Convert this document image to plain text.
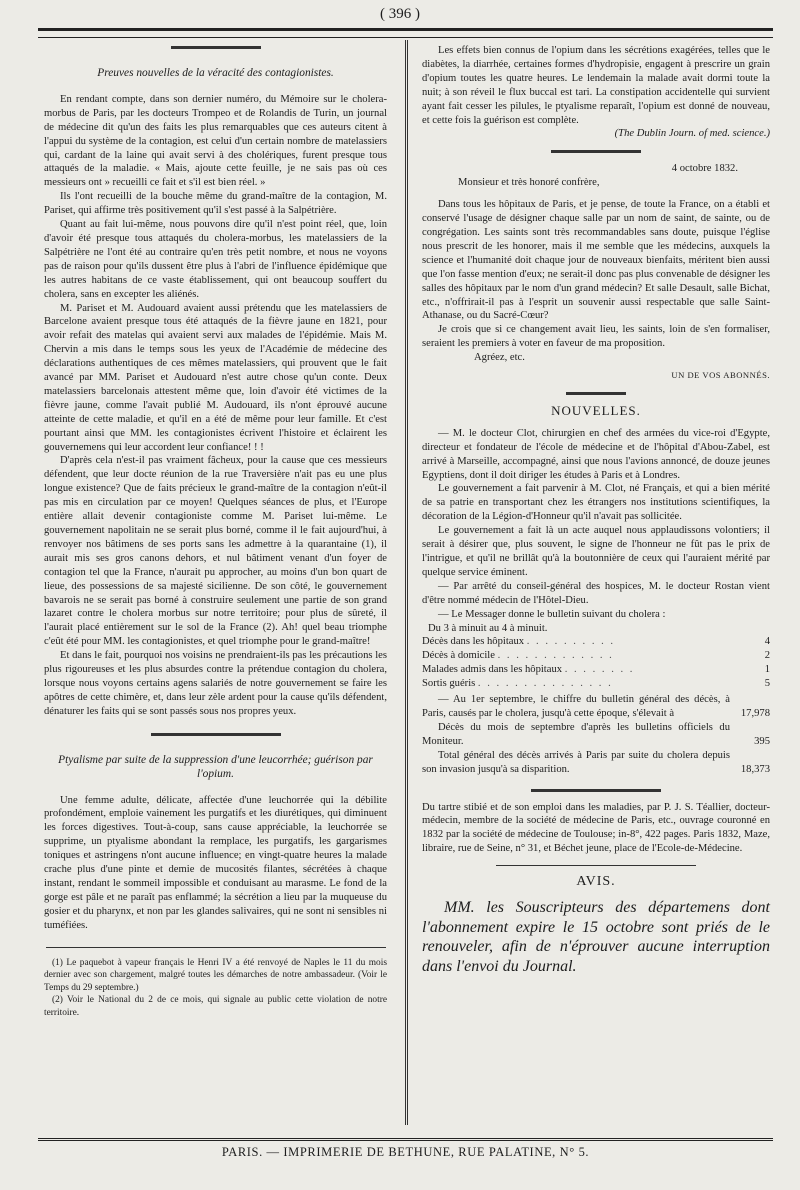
( 396 )

Preuves nouvelles de la véracité des contagionistes.

En rendant compte, dans son dernier numéro, du Mémoire sur le cholera-morbus de Paris, par les docteurs Trompeo et de Rolandis de Turin, un journal de médecine dit qu'un des faits les plus remarquables que ces auteurs citent à l'appui du système de la contagion, est celui d'un certain nombre de matelassiers qui, cardant de la laine qui avait servi à des cholériques, furent presque tous attaqués de la maladie. « Mais, ajoute cette feuille, je ne sais pas où ces messieurs ont » recueilli ce fait et s'il est bien réel. »

Ils l'ont recueilli de la bouche même du grand-maître de la contagion, M. Pariset, qui affirme très positivement qu'il s'est passé à la Salpétrière.

Quant au fait lui-même, nous pouvons dire qu'il n'est point réel, que, loin d'avoir été presque tous attaqués du cholera-morbus, les matelassiers de la Salpétrière ne l'ont été au contraire qu'en très petit nombre, et nous ne voyons pas de raison pour qu'ils dussent être plus à l'abri de l'influence épidémique que les autres habitans de ce vaste établissement, qui ont beaucoup souffert du cholera, sans en excepter les aliénés.

M. Pariset et M. Audouard avaient aussi prétendu que les matelassiers de Barcelone avaient presque tous été attaqués de la fièvre jaune en 1821, pour avoir refait des matelas qui avaient servi aux malades de l'épidémie. Mais M. Chervin a mis dans le temps sous les yeux de l'Académie de médecine des déclarations authentiques de ces mêmes matelassiers, qui prouvent que le fait avancé par MM. Pariset et Audouard n'est autre chose qu'un conte. Deux matelassiers barcelonais attestent même que, loin d'avoir été victimes de la fièvre jaune, comme l'avait publié M. Audouard, ils n'ont éprouvé aucune atteinte de cette maladie, et qu'il en a été de même pour leur famille. Et c'est pourtant ainsi que MM. les contagionistes écrivent l'histoire et éclairent les gouvernemens qui leur accordent leur confiance! ! !

D'après cela n'est-il pas vraiment fâcheux, pour la cause que ces messieurs défendent, que leur docte réunion de la rue Traversière n'ait pas eu une plus longue existence? Que de faits précieux le grand-maître de la contagion n'eût-il pas mis en circulation par ce moyen! Quelques séances de plus, et l'Europe entière allait devenir contagioniste comme M. Pariset lui-même. Le gouvernement napolitain ne se serait plus borné, comme il le fait aujourd'hui, à renvoyer nos bâtimens de ses ports sans les admettre à la quarantaine (1), il aurait mis ses gros canons dehors, et nul bâtiment venant d'un foyer de contagion tel que la France, n'aurait pu approcher, au moins d'un bon quart de lieue, des possessions de sa majesté sicilienne. De son côté, le gouvernement bavarois ne se serait pas borné à construire seulement une partie de son grand lazaret contre le cholera morbus sur notre territoire; pour plus de sûreté, il l'aurait placé entièrement sur le sol de la France (2). Ah! quel beau triomphe c'eût été pour MM. les contagionistes, et quel triomphe pour le grand-maître!

Et dans le fait, pourquoi nos voisins ne prendraient-ils pas les précautions les plus rigoureuses et les plus absurdes contre la prétendue contagion du cholera, lorsque nous voyons certains agens salariés de notre gouvernement se faire les apôtres de cette chimère, et, dans leur zèle ardent pour la cause qu'ils défendent, dénaturer les faits qui se sont passés sous nos propres yeux.

Ptyalisme par suite de la suppression d'une leucorrhée; guérison par l'opium.

Une femme adulte, délicate, affectée d'une leuchorrée qui la débilite profondément, emploie vainement les purgatifs et les diurétiques, qui diminuent les forces digestives. Tout-à-coup, sans cause appréciable, la leuchorrée se supprime, un ptyalisme abondant la remplace, les purgatifs, les gargarismes toniques et astringens n'ont aucune influence; en vingt-quatre heures la malade crache plus d'une pinte et demie de mucosités filantes, sécrétées à chaque instant, rendant le sommeil impossible et conduisant au marasme. Le fond de la gorge est pâle et ne paraît pas enflammé; la sécrétion a lieu par la muqueuse du gosier et du pharynx, et non par les glandes salivaires, qui ne sont ni sensibles ni tuméfiées.

(1) Le paquebot à vapeur français le Henri IV a été renvoyé de Naples le 11 du mois dernier avec son chargement, malgré toutes les démarches de notre ambassadeur. (Voir le Temps du 29 septembre.)

(2) Voir le National du 2 de ce mois, qui signale au public cette violation de notre territoire.

Les effets bien connus de l'opium dans les sécrétions exagérées, telles que le diabètes, la diarrhée, certaines formes d'hydropisie, engagent à prescrire un grain d'opium toutes les quatre heures. Le lendemain la malade avait dormi toute la nuit; à son réveil le flux buccal est tari. La constipation accidentelle qui survient ayant fait cesser les pilules, le ptyalisme reparaît, l'opium est donné de nouveau, et cette fois la guérison est complète.

(The Dublin Journ. of med. science.)

4 octobre 1832.

Monsieur et très honoré confrère,

Dans tous les hôpitaux de Paris, et je pense, de toute la France, on a établi et conservé l'usage de désigner chaque salle par un nom de saint, de sainte, ou de congrégation. Les saints sont très recommandables sans doute, puisque l'église nous prescrit de les honorer, mais il me semble que les médecins, auxquels la science et l'humanité doit chaque jour de nouveaux bienfaits, méritent bien aussi que l'on fasse mention d'eux; ne serait-il donc pas plus convenable de désigner les salles des hôpitaux par le nom d'un grand médecin? Et salle Desault, salle Bichat, etc., n'offrirait-il pas à l'esprit un souvenir aussi respectable que salle Saint-Athanase, ou du Sacré-Cœur?

Je crois que si ce changement avait lieu, les saints, loin de s'en formaliser, seraient les premiers à voter en faveur de ma proposition.

Agréez, etc.

UN DE VOS ABONNÉS.

NOUVELLES.

— M. le docteur Clot, chirurgien en chef des armées du vice-roi d'Egypte, directeur et fondateur de l'école de médecine et de l'hôpital d'Abou-Zabel, est arrivé à Marseille, accompagné, ainsi que nous l'avions annoncé, de douze jeunes Egyptiens, dont il doit diriger les études à Paris et à Londres.

Le gouvernement a fait parvenir à M. Clot, né Français, et qui a bien mérité de sa patrie en transportant chez les étrangers nos institutions scientifiques, la décoration de la Légion-d'Honneur qu'il n'avait pas sollicitée.

Le gouvernement a fait là un acte auquel nous applaudissons volontiers; il serait à désirer que, plus souvent, le signe de l'honneur ne fût pas le prix de l'intrigue, et qu'il ne brillât qu'à la boutonnière de ceux qui l'auraient mérité par quelque service éminent.

— Par arrêté du conseil-général des hospices, M. le docteur Rostan vient d'être nommé médecin de l'Hôtel-Dieu.

— Le Messager donne le bulletin suivant du cholera :

Du 3 à minuit au 4 à minuit.

Décès dans les hôpitaux . . . . . . . . . .	4
Décès à domicile . . . . . . . . . . . . .	2
Malades admis dans les hôpitaux . . . . . . . .	1
Sortis guéris . . . . . . . . . . . . . . .	5
— Au 1er septembre, le chiffre du bulletin général des décès, à Paris, causés par le cholera, jusqu'à cette époque, s'élevait à	17,978
Décès du mois de septembre d'après les bulletins officiels du Moniteur.	395
Total général des décès arrivés à Paris par suite du cholera depuis son invasion jusqu'à sa disparition.	18,373

Du tartre stibié et de son emploi dans les maladies, par P. J. S. Téallier, docteur-médecin, membre de la société de médecine de Paris, etc., ouvrage couronné en 1832 par la société de médecine de Toulouse; in-8°, 422 pages. Paris 1832, Maze, libraire, rue de Seine, n° 31, et Béchet jeune, place de l'Ecole-de-Médecine.

AVIS.

MM. les Souscripteurs des départemens dont l'abonnement expire le 15 octobre sont priés de le renouveler, afin de n'éprouver aucune interruption dans l'envoi du Journal.

PARIS. — IMPRIMERIE DE BETHUNE, RUE PALATINE, N° 5.
